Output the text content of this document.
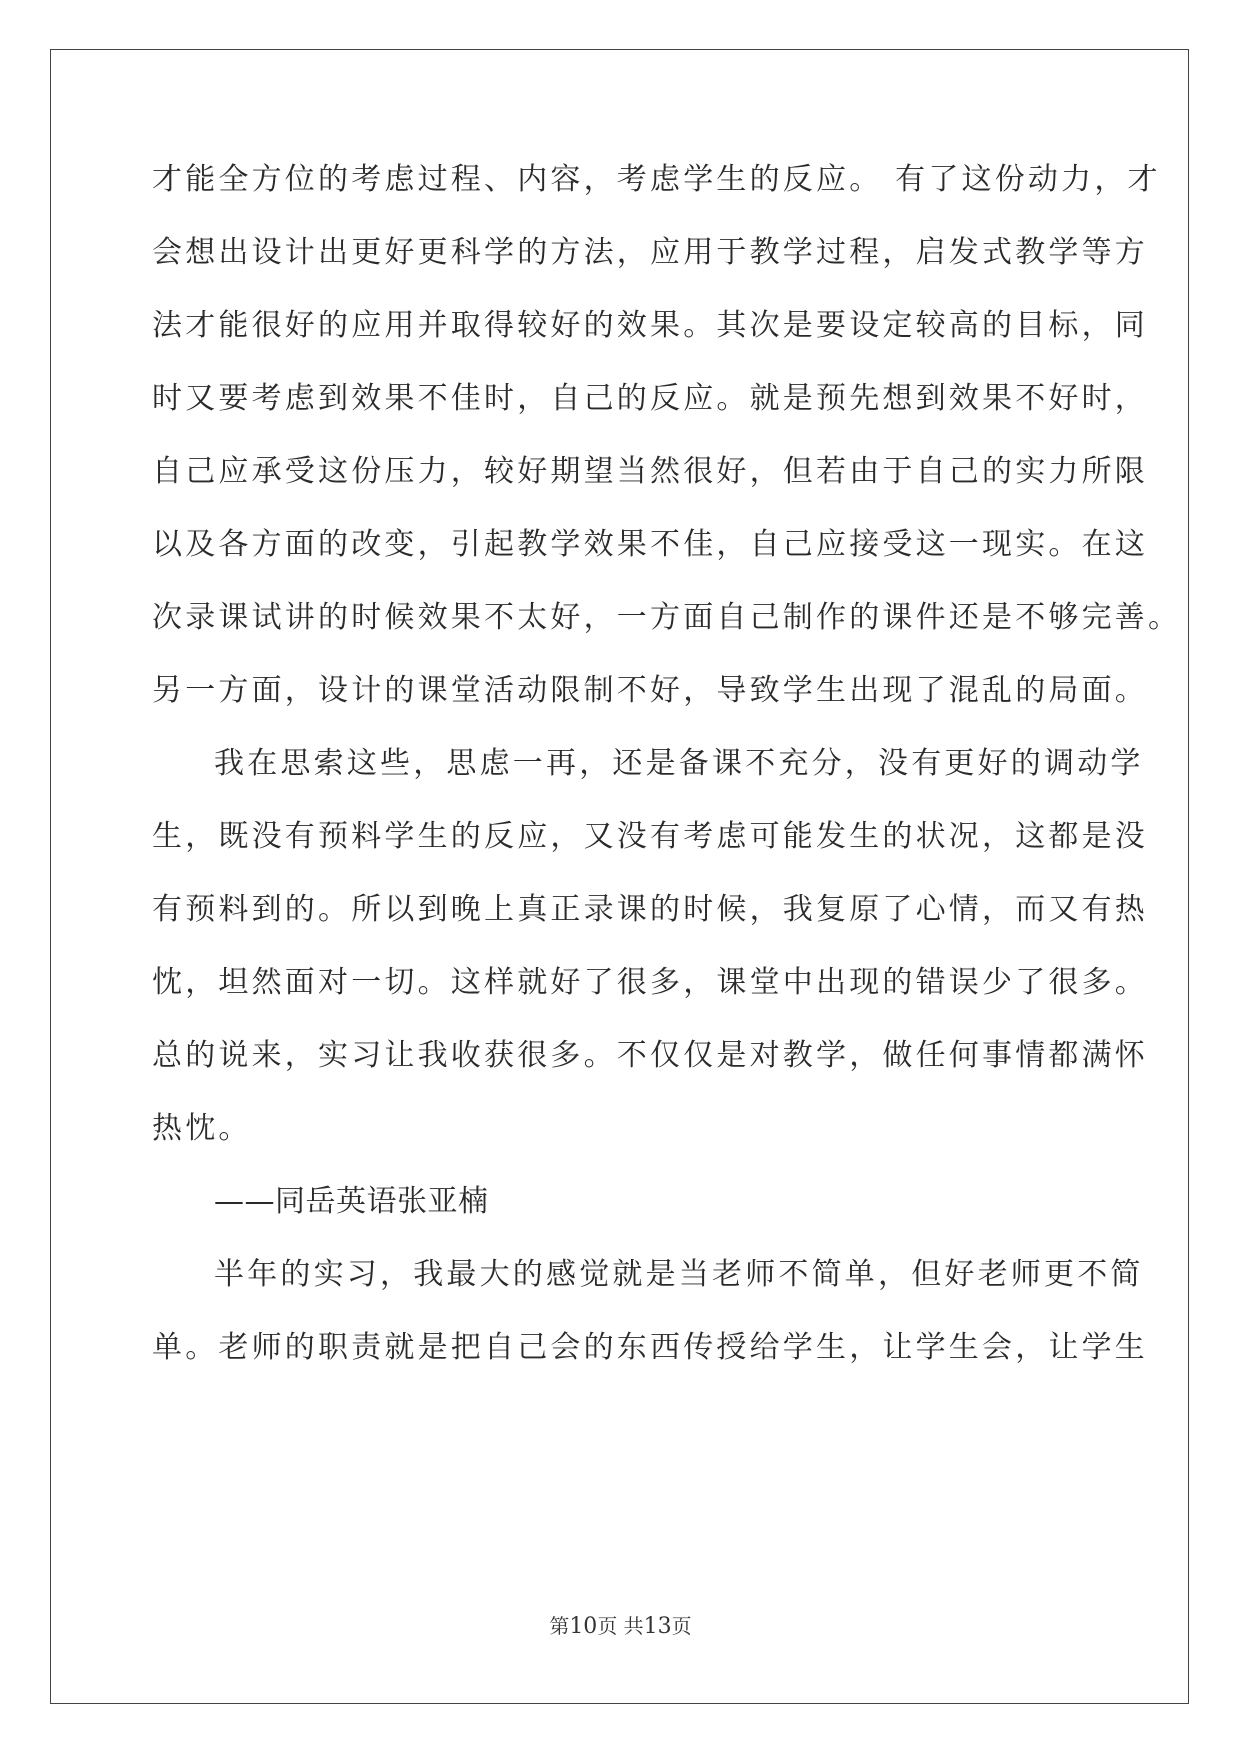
才能全方位的考虑过程、内容，考虑学生的反应。 有了这份动力，才
会想出设计出更好更科学的方法，应用于教学过程，启发式教学等方
法才能很好的应用并取得较好的效果。其次是要设定较高的目标，同
时又要考虑到效果不佳时，自己的反应。就是预先想到效果不好时，
自己应承受这份压力，较好期望当然很好，但若由于自己的实力所限
以及各方面的改变，引起教学效果不佳，自己应接受这一现实。在这
次录课试讲的时候效果不太好，一方面自己制作的课件还是不够完善。
另一方面，设计的课堂活动限制不好，导致学生出现了混乱的局面。
我在思索这些，思虑一再，还是备课不充分，没有更好的调动学
生，既没有预料学生的反应，又没有考虑可能发生的状况，这都是没
有预料到的。所以到晚上真正录课的时候，我复原了心情，而又有热
忱，坦然面对一切。这样就好了很多，课堂中出现的错误少了很多。
总的说来，实习让我收获很多。不仅仅是对教学，做任何事情都满怀
热忱。
——同岳英语张亚楠
半年的实习，我最大的感觉就是当老师不简单，但好老师更不简
单。老师的职责就是把自己会的东西传授给学生，让学生会，让学生
第10页 共13页
